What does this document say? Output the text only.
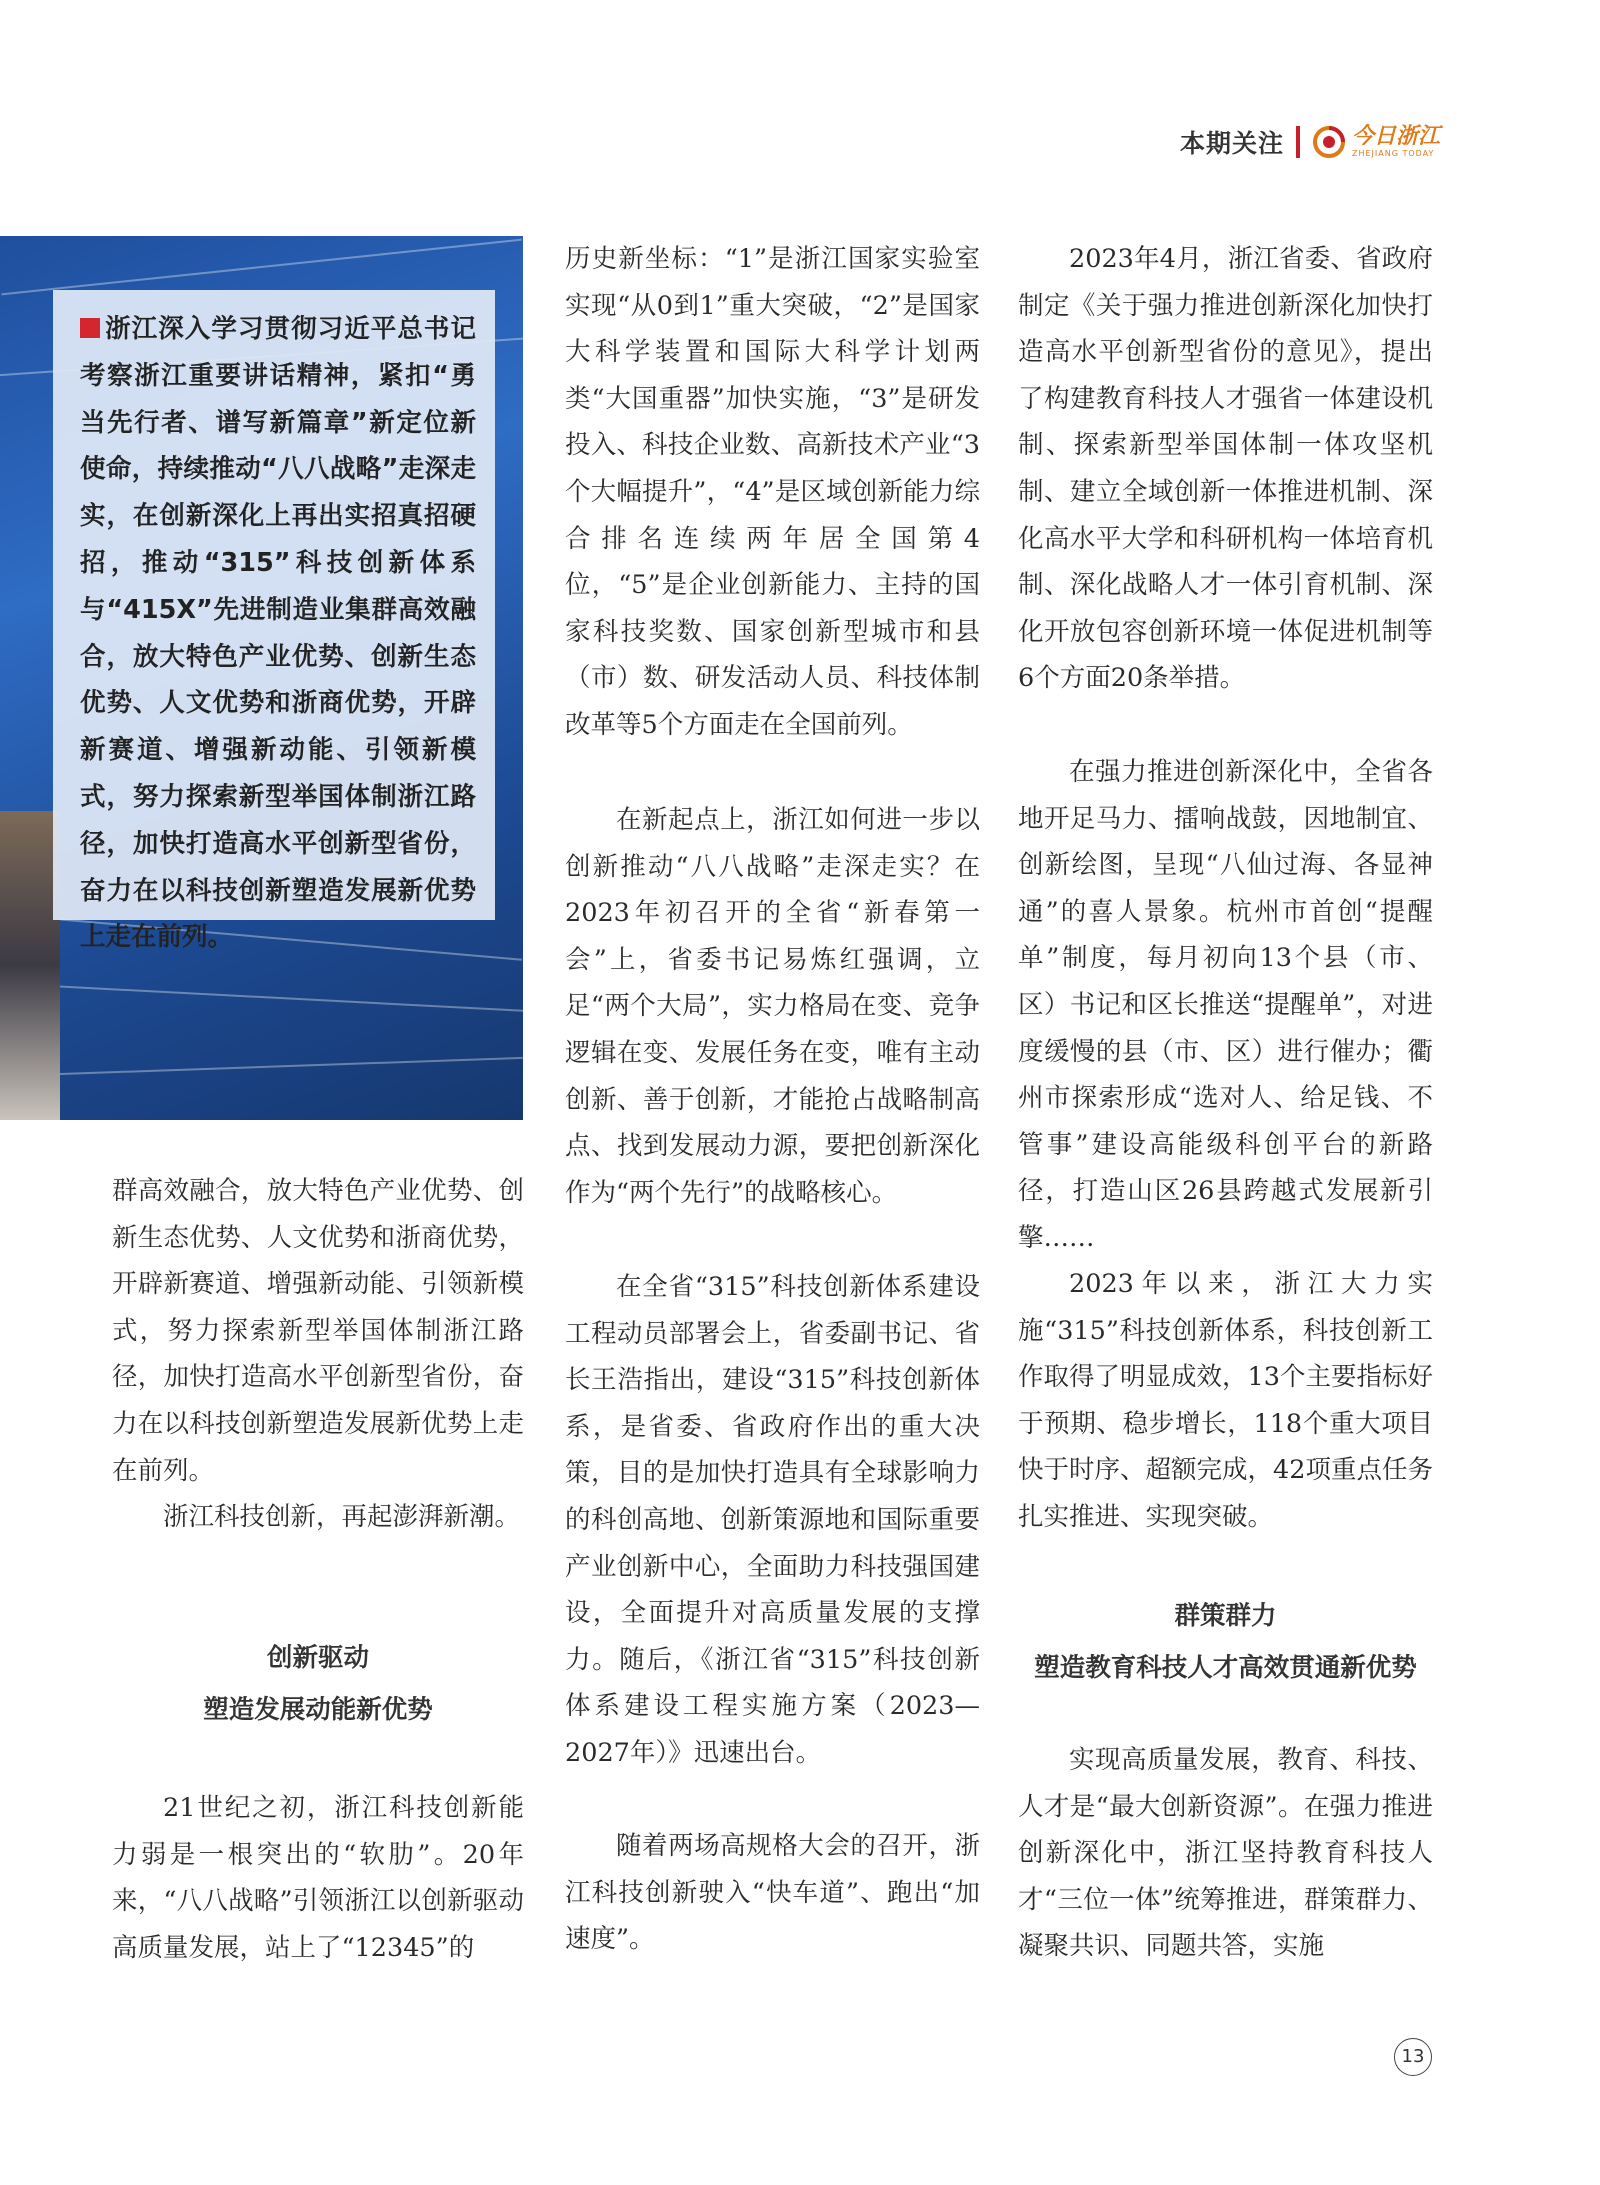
本期关注	今日浙江
ZHEJIANG TODAY

浙江深入学习贯彻习近平总书记考察浙江重要讲话精神，紧扣“勇当先行者、谱写新篇章”新定位新使命，持续推动“八八战略”走深走实，在创新深化上再出实招真招硬招，推动“315”科技创新体系与“415X”先进制造业集群高效融合，放大特色产业优势、创新生态优势、人文优势和浙商优势，开辟新赛道、增强新动能、引领新模式，努力探索新型举国体制浙江路径，加快打造高水平创新型省份，奋力在以科技创新塑造发展新优势上走在前列。

群高效融合，放大特色产业优势、创新生态优势、人文优势和浙商优势，开辟新赛道、增强新动能、引领新模式，努力探索新型举国体制浙江路径，加快打造高水平创新型省份，奋力在以科技创新塑造发展新优势上走在前列。

浙江科技创新，再起澎湃新潮。

创新驱动

塑造发展动能新优势

21世纪之初，浙江科技创新能力弱是一根突出的“软肋”。20年来，“八八战略”引领浙江以创新驱动高质量发展，站上了“12345”的

历史新坐标：“1”是浙江国家实验室实现“从0到1”重大突破，“2”是国家大科学装置和国际大科学计划两类“大国重器”加快实施，“3”是研发投入、科技企业数、高新技术产业“3个大幅提升”，“4”是区域创新能力综合排名连续两年居全国第4位，“5”是企业创新能力、主持的国家科技奖数、国家创新型城市和县（市）数、研发活动人员、科技体制改革等5个方面走在全国前列。

在新起点上，浙江如何进一步以创新推动“八八战略”走深走实？在2023年初召开的全省“新春第一会”上，省委书记易炼红强调，立足“两个大局”，实力格局在变、竞争逻辑在变、发展任务在变，唯有主动创新、善于创新，才能抢占战略制高点、找到发展动力源，要把创新深化作为“两个先行”的战略核心。

在全省“315”科技创新体系建设工程动员部署会上，省委副书记、省长王浩指出，建设“315”科技创新体系，是省委、省政府作出的重大决策，目的是加快打造具有全球影响力的科创高地、创新策源地和国际重要产业创新中心，全面助力科技强国建设，全面提升对高质量发展的支撑力。随后，《浙江省“315”科技创新体系建设工程实施方案（2023—2027年）》迅速出台。

随着两场高规格大会的召开，浙江科技创新驶入“快车道”、跑出“加速度”。

2023年4月，浙江省委、省政府制定《关于强力推进创新深化加快打造高水平创新型省份的意见》，提出了构建教育科技人才强省一体建设机制、探索新型举国体制一体攻坚机制、建立全域创新一体推进机制、深化高水平大学和科研机构一体培育机制、深化战略人才一体引育机制、深化开放包容创新环境一体促进机制等6个方面20条举措。

在强力推进创新深化中，全省各地开足马力、擂响战鼓，因地制宜、创新绘图，呈现“八仙过海、各显神通”的喜人景象。杭州市首创“提醒单”制度，每月初向13个县（市、区）书记和区长推送“提醒单”，对进度缓慢的县（市、区）进行催办；衢州市探索形成“选对人、给足钱、不管事”建设高能级科创平台的新路径，打造山区26县跨越式发展新引擎……

2023年以来，浙江大力实施“315”科技创新体系，科技创新工作取得了明显成效，13个主要指标好于预期、稳步增长，118个重大项目快于时序、超额完成，42项重点任务扎实推进、实现突破。

群策群力

塑造教育科技人才高效贯通新优势

实现高质量发展，教育、科技、人才是“最大创新资源”。在强力推进创新深化中，浙江坚持教育科技人才“三位一体”统筹推进，群策群力、凝聚共识、同题共答，实施

13
